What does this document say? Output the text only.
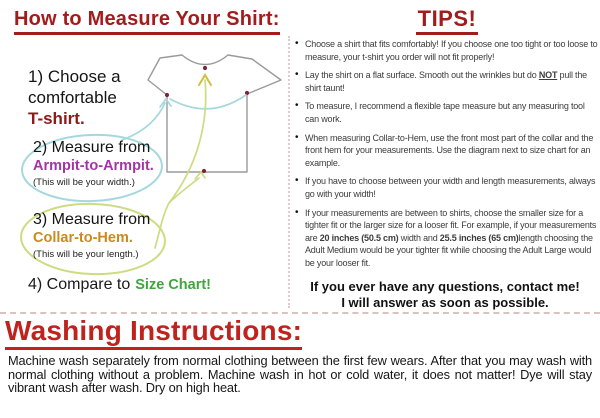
How to Measure Your Shirt:
1) Choose a
comfortable
T-shirt.
2) Measure from
Armpit-to-Armpit.
(This will be your width.)
3) Measure from
Collar-to-Hem.
(This will be your length.)
4) Compare to Size Chart!
TIPS!
• Choose a shirt that fits comfortably! If you choose one too tight or too loose to measure, your t-shirt you order will not fit properly!
• Lay the shirt on a flat surface. Smooth out the wrinkles but do NOT pull the shirt taunt!
• To measure, I recommend a flexible tape measure but any measuring tool can work.
• When measuring Collar-to-Hem, use the front most part of the collar and the front hem for your measurements. Use the diagram next to size chart for an example.
• If you have to choose between your width and length measurements, always go with your width!
• If your measurements are between to shirts, choose the smaller size for a tighter fit or the larger size for a looser fit. For example, if your measurements are 20 inches (50.5 cm) width and 25.5 inches (65 cm)length choosing the Adult Medium would be your tighter fit while choosing the Adult Large would be your looser fit.
If you ever have any questions, contact me!
I will answer as soon as possible.
Washing Instructions:
Machine wash separately from normal clothing between the first few wears. After that you may wash with normal clothing without a problem. Machine wash in hot or cold water, it does not matter! Dye will stay vibrant wash after wash. Dry on high heat.
